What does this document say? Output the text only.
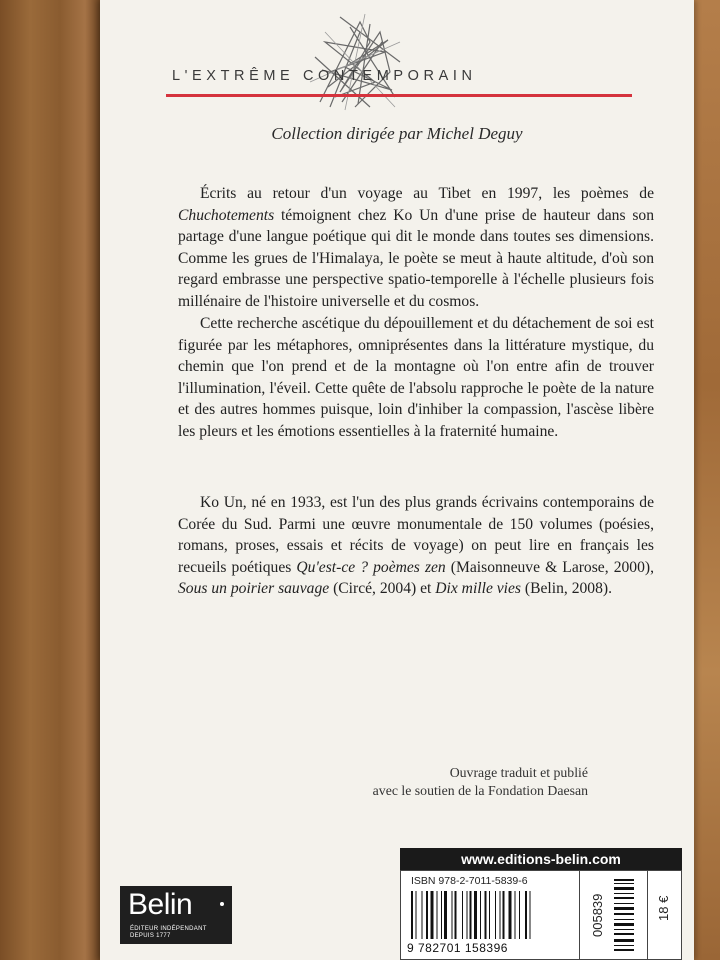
L'EXTRÊME CONTEMPORAIN
Collection dirigée par Michel Deguy

Écrits au retour d'un voyage au Tibet en 1997, les poèmes de Chuchotements témoignent chez Ko Un d'une prise de hauteur dans son partage d'une langue poétique qui dit le monde dans toutes ses dimensions. Comme les grues de l'Himalaya, le poète se meut à haute altitude, d'où son regard embrasse une perspective spatio-temporelle à l'échelle plusieurs fois millénaire de l'histoire universelle et du cosmos.

Cette recherche ascétique du dépouillement et du détachement de soi est figurée par les métaphores, omniprésentes dans la littérature mystique, du chemin que l'on prend et de la montagne où l'on entre afin de trouver l'illumination, l'éveil. Cette quête de l'absolu rapproche le poète de la nature et des autres hommes puisque, loin d'inhiber la compassion, l'ascèse libère les pleurs et les émotions essentielles à la fraternité humaine.

Ko Un, né en 1933, est l'un des plus grands écrivains contemporains de Corée du Sud. Parmi une œuvre monumentale de 150 volumes (poésies, romans, proses, essais et récits de voyage) on peut lire en français les recueils poétiques Qu'est-ce ? poèmes zen (Maisonneuve & Larose, 2000), Sous un poirier sauvage (Circé, 2004) et Dix mille vies (Belin, 2008).

Ouvrage traduit et publié
avec le soutien de la Fondation Daesan
Belin
ÉDITEUR INDÉPENDANT
DEPUIS 1777
www.editions-belin.com
ISBN 978-2-7011-5839-6
9 782701 158396
005839	18 €
